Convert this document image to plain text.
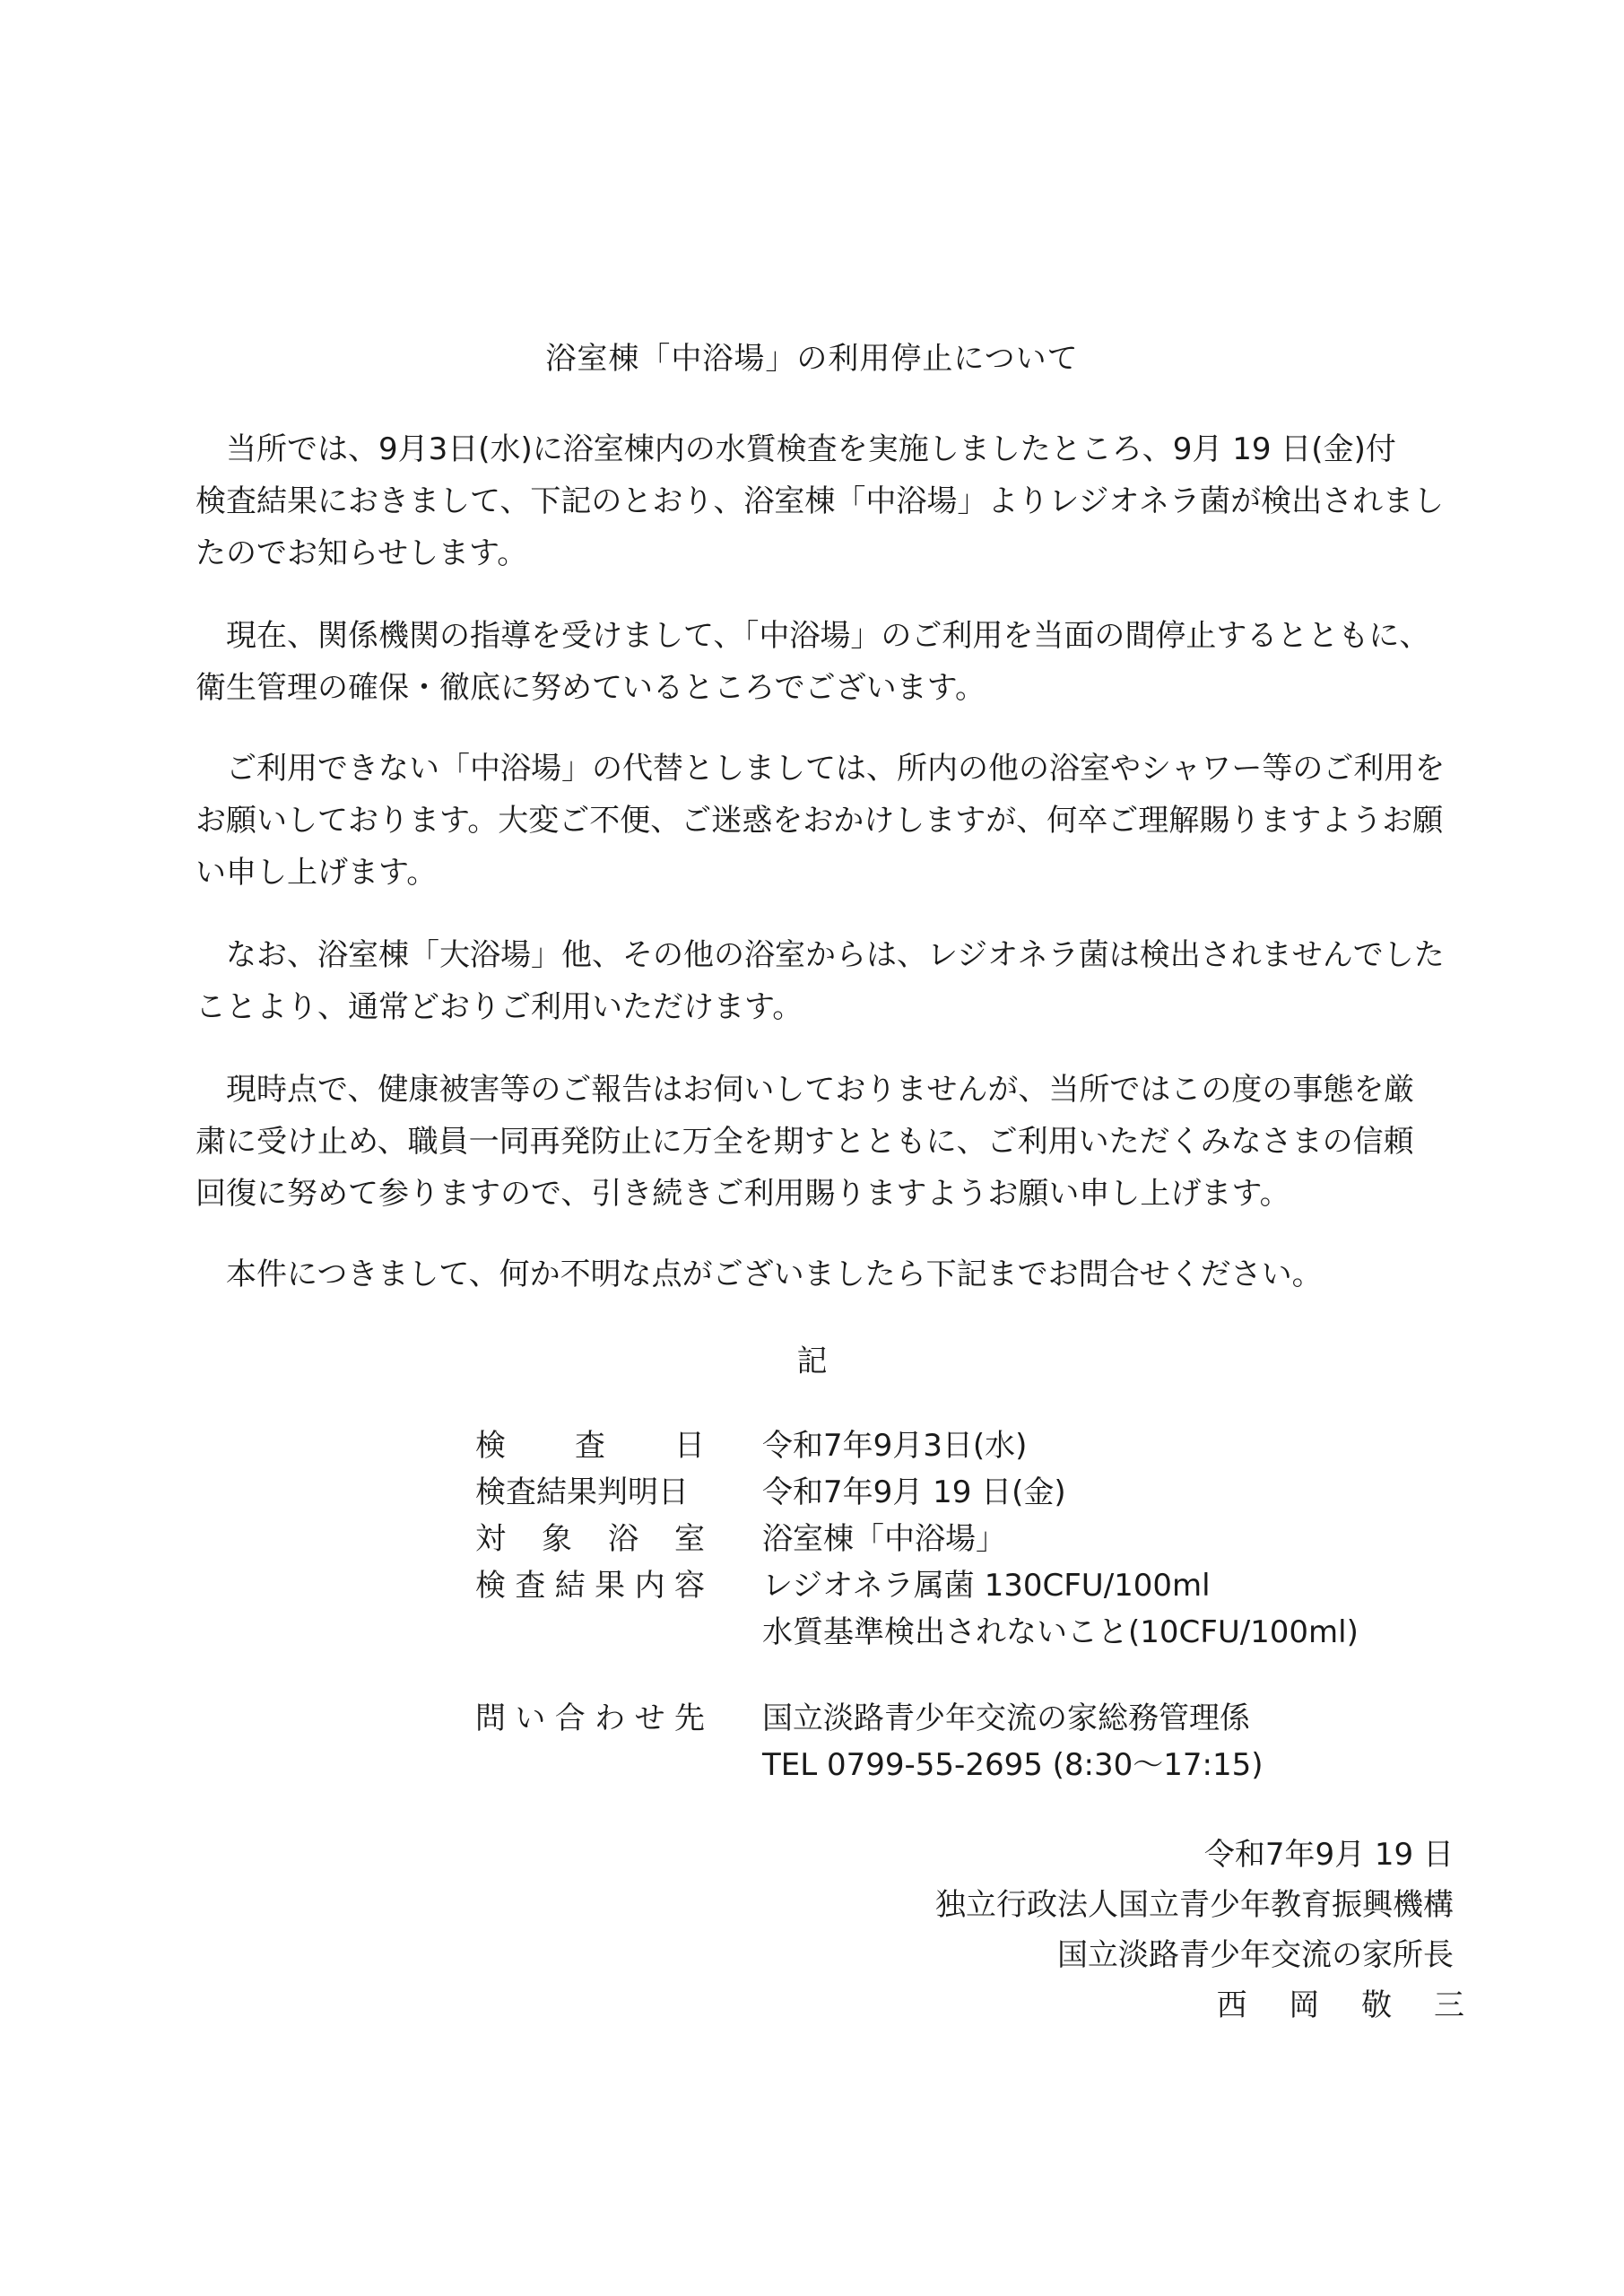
浴室棟「中浴場」の利用停止について
当所では、9月3日(水)に浴室棟内の水質検査を実施しましたところ、9月 19 日(金)付
検査結果におきまして、下記のとおり、浴室棟「中浴場」よりレジオネラ菌が検出されまし
たのでお知らせします。
現在、関係機関の指導を受けまして、「中浴場」のご利用を当面の間停止するとともに、
衛生管理の確保・徹底に努めているところでございます。
ご利用できない「中浴場」の代替としましては、所内の他の浴室やシャワー等のご利用を
お願いしております。大変ご不便、ご迷惑をおかけしますが、何卒ご理解賜りますようお願
い申し上げます。
なお、浴室棟「大浴場」他、その他の浴室からは、レジオネラ菌は検出されませんでした
ことより、通常どおりご利用いただけます。
現時点で、健康被害等のご報告はお伺いしておりませんが、当所ではこの度の事態を厳
粛に受け止め、職員一同再発防止に万全を期すとともに、ご利用いただくみなさまの信頼
回復に努めて参りますので、引き続きご利用賜りますようお願い申し上げます。
本件につきまして、何か不明な点がございましたら下記までお問合せください。
記
検 査 日 令和7年9月3日(水)
検査結果判明日 令和7年9月 19 日(金)
対 象 浴 室 浴室棟「中浴場」
検 査 結 果 内 容 レジオネラ属菌 130CFU/100ml
水質基準検出されないこと(10CFU/100ml)
問 い 合 わ せ 先 国立淡路青少年交流の家総務管理係
TEL 0799-55-2695 (8:30〜17:15)
令和7年9月 19 日
独立行政法人国立青少年教育振興機構
国立淡路青少年交流の家所長
西 岡 敬 三
